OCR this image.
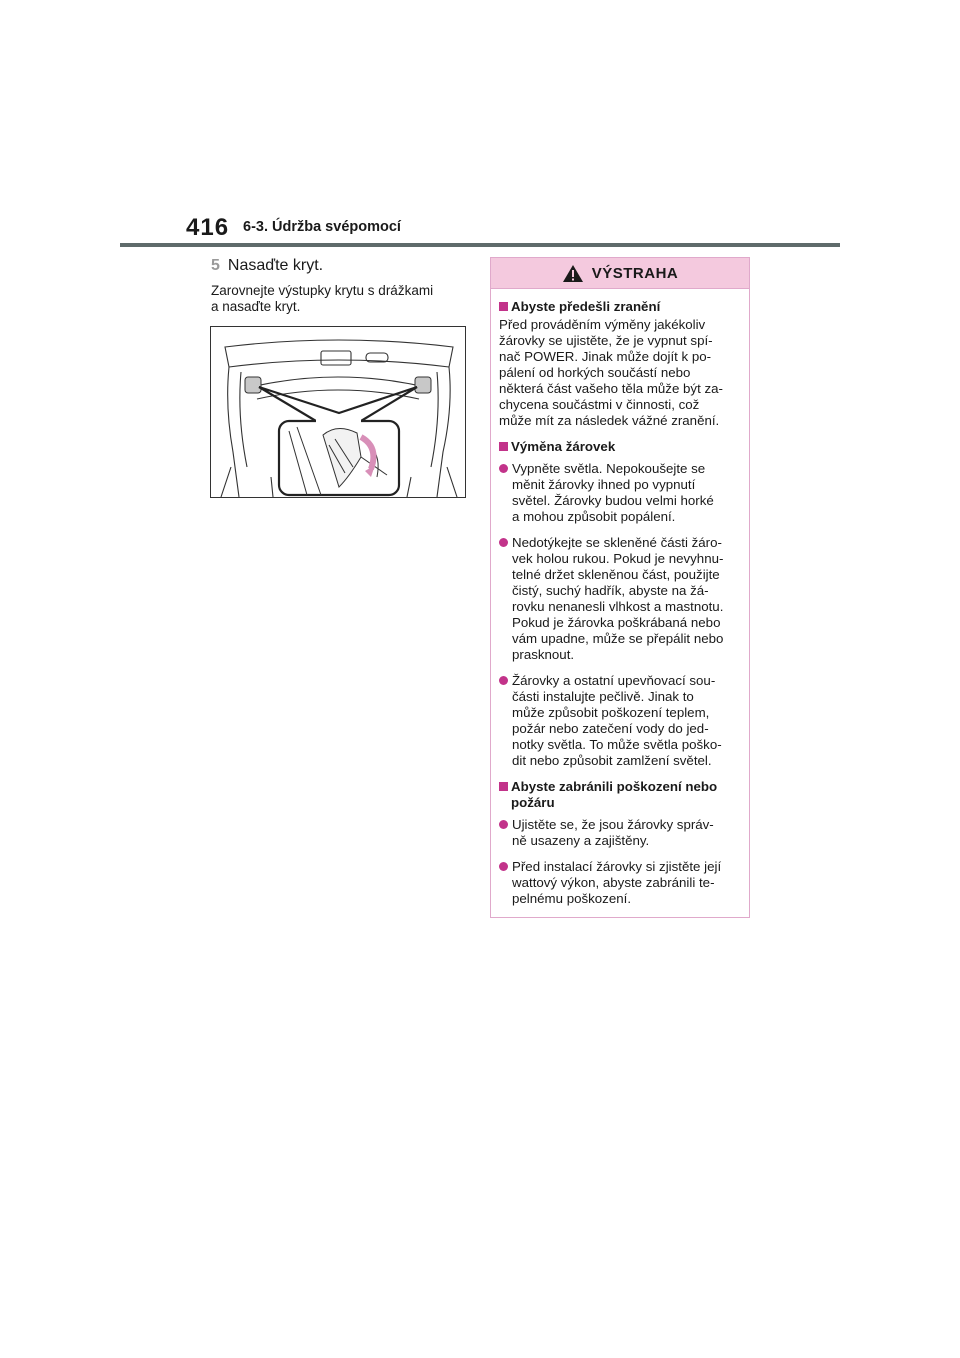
416 6-3. Údržba svépomocí
5 Nasaďte kryt.
Zarovnejte výstupky krytu s drážkami
a nasaďte kryt.
VÝSTRAHA
Abyste předešli zranění
Před prováděním výměny jakékoliv
žárovky se ujistěte, že je vypnut spí-
nač POWER. Jinak může dojít k po-
pálení od horkých součástí nebo
některá část vašeho těla může být za-
chycena součástmi v činnosti, což
může mít za následek vážné zranění.
Výměna žárovek
Vypněte světla. Nepokoušejte se
měnit žárovky ihned po vypnutí
světel. Žárovky budou velmi horké
a mohou způsobit popálení.
Nedotýkejte se skleněné části žáro-
vek holou rukou. Pokud je nevyhnu-
telné držet skleněnou část, použijte
čistý, suchý hadřík, abyste na žá-
rovku nenanesli vlhkost a mastnotu.
Pokud je žárovka poškrábaná nebo
vám upadne, může se přepálit nebo
prasknout.
Žárovky a ostatní upevňovací sou-
části instalujte pečlivě. Jinak to
může způsobit poškození teplem,
požár nebo zatečení vody do jed-
notky světla. To může světla poško-
dit nebo způsobit zamlžení světel.
Abyste zabránili poškození nebo
požáru
Ujistěte se, že jsou žárovky správ-
ně usazeny a zajištěny.
Před instalací žárovky si zjistěte její
wattový výkon, abyste zabránili te-
pelnému poškození.
